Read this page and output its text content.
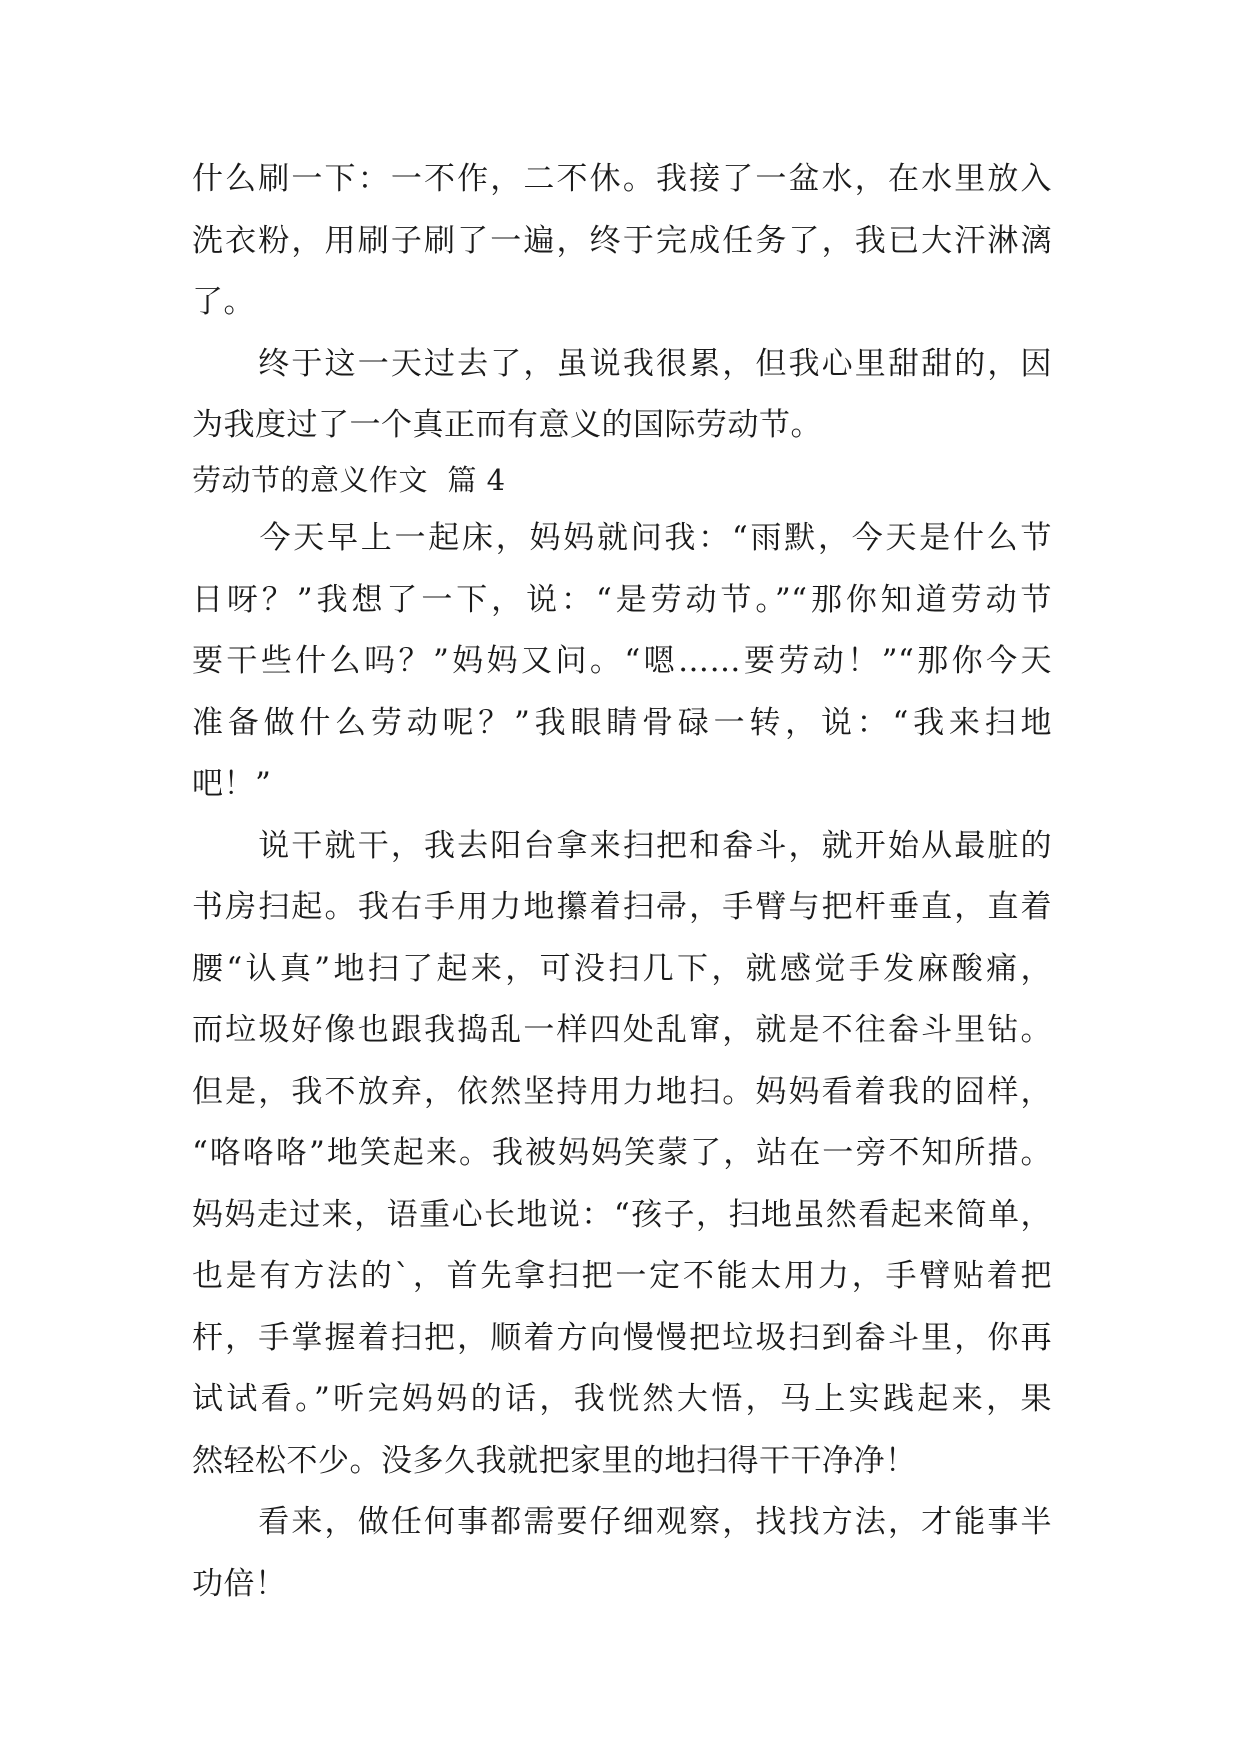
什么刷一下：一不作，二不休。我接了一盆水，在水里放入
洗衣粉，用刷子刷了一遍，终于完成任务了，我已大汗淋漓
了。
　　终于这一天过去了，虽说我很累，但我心里甜甜的，因
为我度过了一个真正而有意义的国际劳动节。
劳动节的意义作文  篇 4
　　今天早上一起床，妈妈就问我：“雨默，今天是什么节
日呀？”我想了一下，说：“是劳动节。”“那你知道劳动节
要干些什么吗？”妈妈又问。“嗯……要劳动！”“那你今天
准备做什么劳动呢？”我眼睛骨碌一转，说：“我来扫地
吧！”
　　说干就干，我去阳台拿来扫把和畚斗，就开始从最脏的
书房扫起。我右手用力地攥着扫帚，手臂与把杆垂直，直着
腰“认真”地扫了起来，可没扫几下，就感觉手发麻酸痛，
而垃圾好像也跟我捣乱一样四处乱窜，就是不往畚斗里钻。
但是，我不放弃，依然坚持用力地扫。妈妈看着我的囧样，
“咯咯咯”地笑起来。我被妈妈笑蒙了，站在一旁不知所措。
妈妈走过来，语重心长地说：“孩子，扫地虽然看起来简单，
也是有方法的`，首先拿扫把一定不能太用力，手臂贴着把
杆，手掌握着扫把，顺着方向慢慢把垃圾扫到畚斗里，你再
试试看。”听完妈妈的话，我恍然大悟，马上实践起来，果
然轻松不少。没多久我就把家里的地扫得干干净净！
　　看来，做任何事都需要仔细观察，找找方法，才能事半
功倍！
